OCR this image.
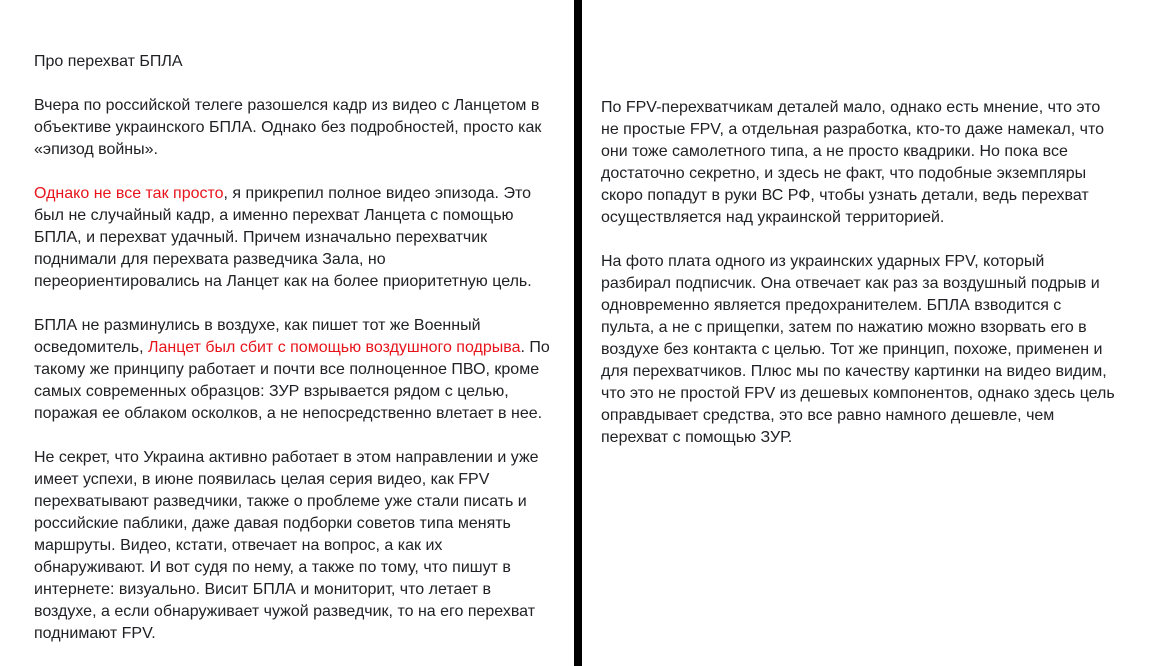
Про перехват БПЛА

Вчера по российской телеге разошелся кадр из видео с Ланцетом в
объективе украинского БПЛА. Однако без подробностей, просто как
«эпизод войны».

Однако не все так просто, я прикрепил полное видео эпизода. Это
был не случайный кадр, а именно перехват Ланцета с помощью
БПЛА, и перехват удачный. Причем изначально перехватчик
поднимали для перехвата разведчика Зала, но
переориентировались на Ланцет как на более приоритетную цель.

БПЛА не разминулись в воздухе, как пишет тот же Военный
осведомитель, Ланцет был сбит с помощью воздушного подрыва. По
такому же принципу работает и почти все полноценное ПВО, кроме
самых современных образцов: ЗУР взрывается рядом с целью,
поражая ее облаком осколков, а не непосредственно влетает в нее.

Не секрет, что Украина активно работает в этом направлении и уже
имеет успехи, в июне появилась целая серия видео, как FPV
перехватывают разведчики, также о проблеме уже стали писать и
российские паблики, даже давая подборки советов типа менять
маршруты. Видео, кстати, отвечает на вопрос, а как их
обнаруживают. И вот судя по нему, а также по тому, что пишут в
интернете: визуально. Висит БПЛА и мониторит, что летает в
воздухе, а если обнаруживает чужой разведчик, то на его перехват
поднимают FPV.

По FPV-перехватчикам деталей мало, однако есть мнение, что это
не простые FPV, а отдельная разработка, кто-то даже намекал, что
они тоже самолетного типа, а не просто квадрики. Но пока все
достаточно секретно, и здесь не факт, что подобные экземпляры
скоро попадут в руки ВС РФ, чтобы узнать детали, ведь перехват
осуществляется над украинской территорией.

На фото плата одного из украинских ударных FPV, который
разбирал подписчик. Она отвечает как раз за воздушный подрыв и
одновременно является предохранителем. БПЛА взводится с
пульта, а не с прищепки, затем по нажатию можно взорвать его в
воздухе без контакта с целью. Тот же принцип, похоже, применен и
для перехватчиков. Плюс мы по качеству картинки на видео видим,
что это не простой FPV из дешевых компонентов, однако здесь цель
оправдывает средства, это все равно намного дешевле, чем
перехват с помощью ЗУР.
